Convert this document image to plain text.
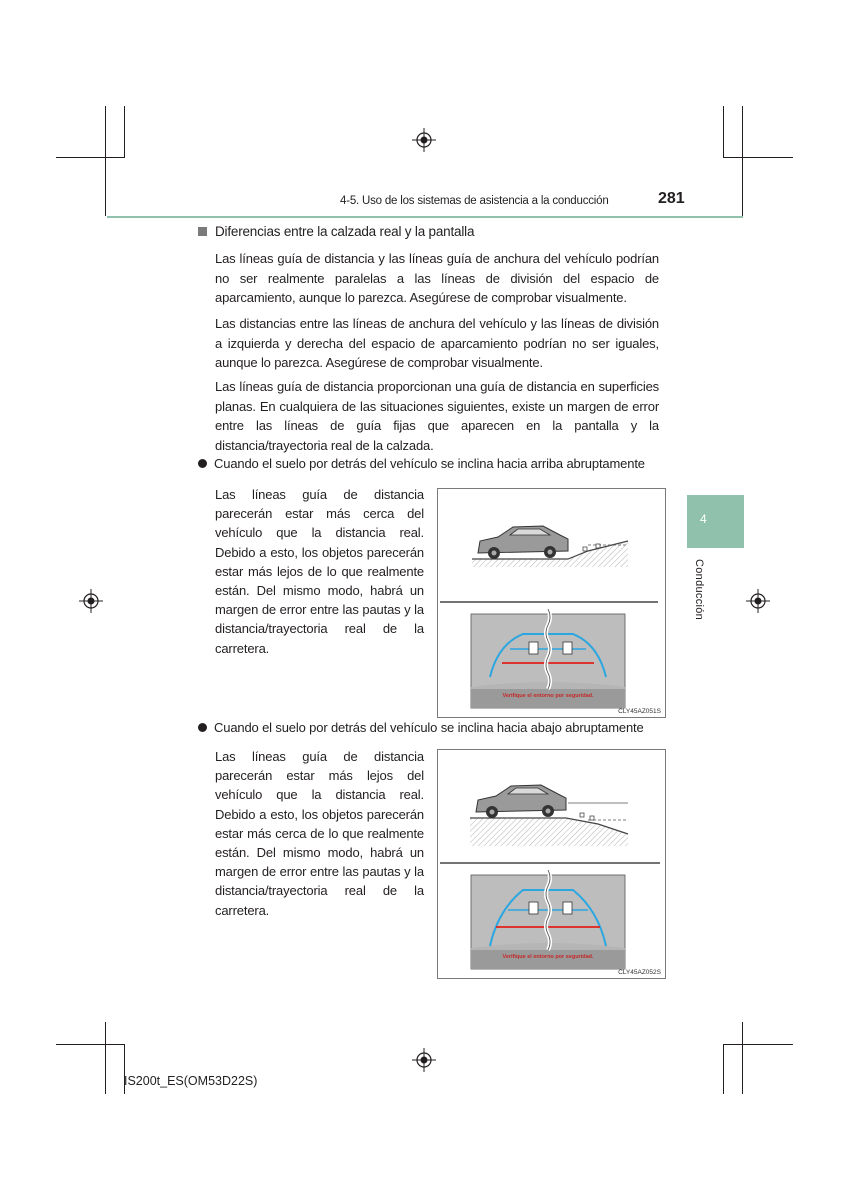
4-5. Uso de los sistemas de asistencia a la conducción	281
4
Conducción
Diferencias entre la calzada real y la pantalla
Las líneas guía de distancia y las líneas guía de anchura del vehículo podrían no ser realmente paralelas a las líneas de división del espacio de aparcamiento, aunque lo parezca. Asegúrese de comprobar visualmente.
Las distancias entre las líneas de anchura del vehículo y las líneas de división a izquierda y derecha del espacio de aparcamiento podrían no ser iguales, aunque lo parezca. Asegúrese de comprobar visualmente.
Las líneas guía de distancia proporcionan una guía de distancia en superficies planas. En cualquiera de las situaciones siguientes, existe un margen de error entre las líneas de guía fijas que aparecen en la pantalla y la distancia/trayectoria real de la calzada.
Cuando el suelo por detrás del vehículo se inclina hacia arriba abruptamente
Las líneas guía de distancia parecerán estar más cerca del vehículo que la distancia real. Debido a esto, los objetos parecerán estar más lejos de lo que realmente están. Del mismo modo, habrá un margen de error entre las pautas y la distancia/trayectoria real de la carretera.
Verifique el entorno por seguridad.
CLY45AZ051S
Cuando el suelo por detrás del vehículo se inclina hacia abajo abruptamente
Las líneas guía de distancia parecerán estar más lejos del vehículo que la distancia real. Debido a esto, los objetos parecerán estar más cerca de lo que realmente están. Del mismo modo, habrá un margen de error entre las pautas y la distancia/trayectoria real de la carretera.
Verifique el entorno por seguridad.
CLY45AZ052S
IS200t_ES(OM53D22S)
